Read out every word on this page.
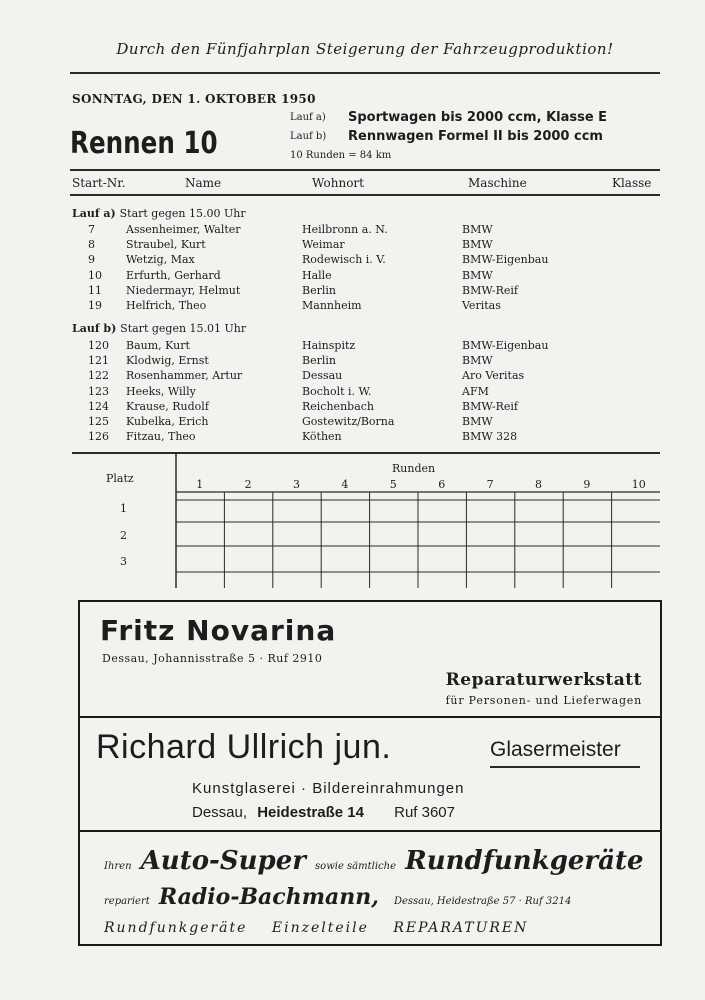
Durch den Fünfjahrplan Steigerung der Fahrzeugproduktion!
SONNTAG, DEN 1. OKTOBER 1950
Rennen 10
Lauf a)	Sportwagen bis 2000 ccm, Klasse E
Lauf b)	Rennwagen Formel II bis 2000 ccm
10 Runden = 84 km
Start-Nr.	Name	Wohnort	Maschine	Klasse
Lauf a) Start gegen 15.00 Uhr
7	Assenheimer, Walter	Heilbronn a. N.	BMW
8	Straubel, Kurt	Weimar	BMW
9	Wetzig, Max	Rodewisch i. V.	BMW-Eigenbau
10 Erfurth, Gerhard	Halle	BMW
11 Niedermayr, Helmut	Berlin	BMW-Reif
19 Helfrich, Theo	Mannheim	Veritas
Lauf b) Start gegen 15.01 Uhr
120 Baum, Kurt	Hainspitz	BMW-Eigenbau
121 Klodwig, Ernst	Berlin	BMW
122 Rosenhammer, Artur	Dessau	Aro Veritas
123 Heeks, Willy	Bocholt i. W.	AFM
124 Krause, Rudolf	Reichenbach	BMW-Reif
125 Kubelka, Erich	Gostewitz/Borna	BMW
126 Fitzau, Theo	Köthen	BMW 328
Platz
Runden
1	2	3	4	5	6	7	8	9	10
1
2
3
Fritz Novarina
Dessau, Johannisstraße 5 · Ruf 2910
Reparaturwerkstatt
für Personen- und Lieferwagen
Richard Ullrich jun.	Glasermeister
Kunstglaserei · Bildereinrahmungen
Dessau, Heidestraße 14 Ruf 3607
Ihren Auto-Super sowie sämtliche Rundfunkgeräte
repariert Radio-Bachmann, Dessau, Heidestraße 57 · Ruf 3214
Rundfunkgeräte Einzelteile REPARATUREN
